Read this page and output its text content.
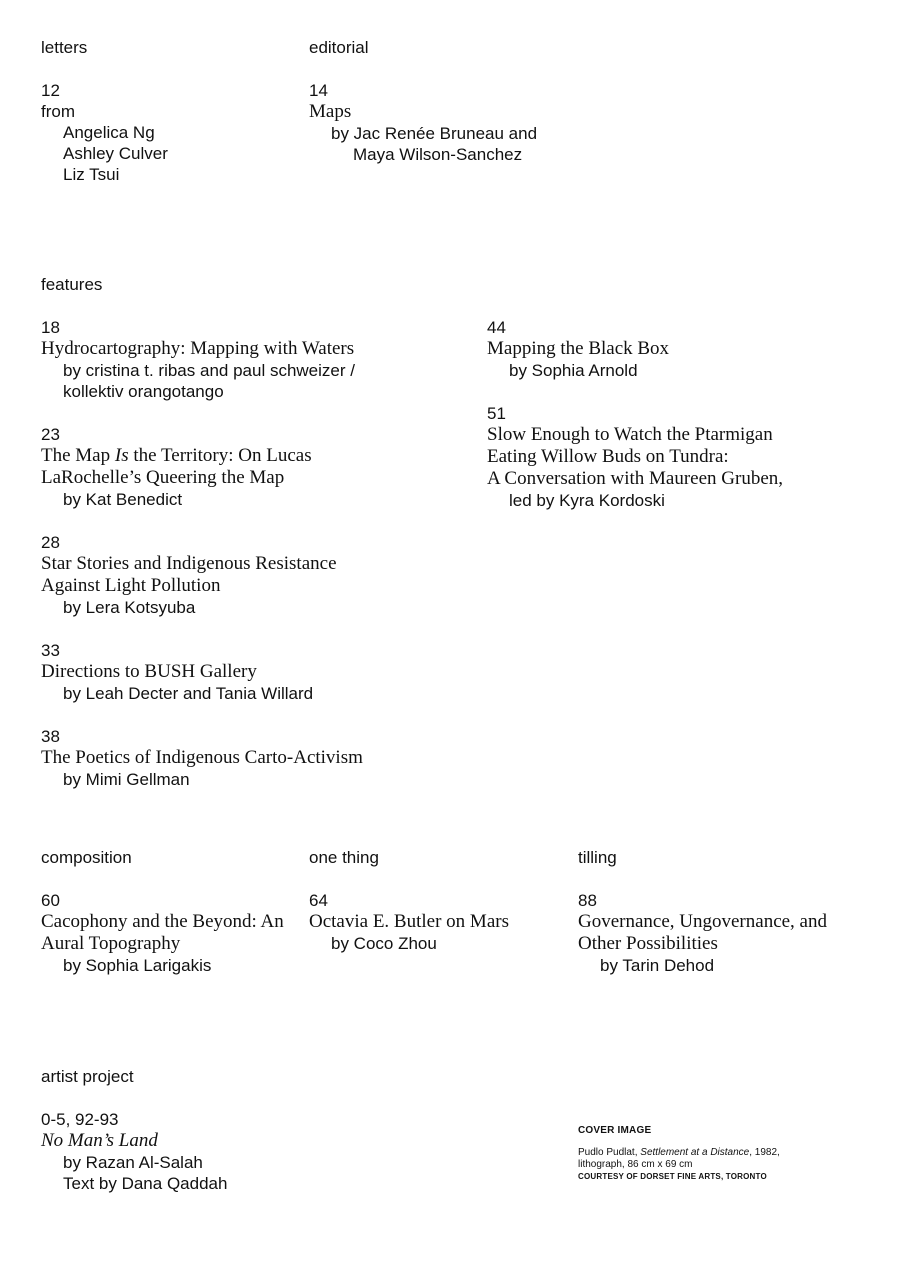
letters

12
from
Angelica Ng
Ashley Culver
Liz Tsui

editorial

14
Maps
by Jac Renée Bruneau and
Maya Wilson-Sanchez

features

18
Hydrocartography: Mapping with Waters
by cristina t. ribas and paul schweizer /
kollektiv orangotango
23
The Map Is the Territory: On Lucas
LaRochelle’s Queering the Map
by Kat Benedict
28
Star Stories and Indigenous Resistance
Against Light Pollution
by Lera Kotsyuba
33
Directions to BUSH Gallery
by Leah Decter and Tania Willard
38
The Poetics of Indigenous Carto-Activism
by Mimi Gellman
44
Mapping the Black Box
by Sophia Arnold
51
Slow Enough to Watch the Ptarmigan
Eating Willow Buds on Tundra:
A Conversation with Maureen Gruben,
led by Kyra Kordoski

composition

60
Cacophony and the Beyond: An
Aural Topography
by Sophia Larigakis

one thing

64
Octavia E. Butler on Mars
by Coco Zhou

tilling

88
Governance, Ungovernance, and
Other Possibilities
by Tarin Dehod

artist project

0-5, 92-93
No Man’s Land
by Razan Al-Salah
Text by Dana Qaddah
COVER IMAGE
Pudlo Pudlat, Settlement at a Distance, 1982,
lithograph, 86 cm x 69 cm
COURTESY OF DORSET FINE ARTS, TORONTO
